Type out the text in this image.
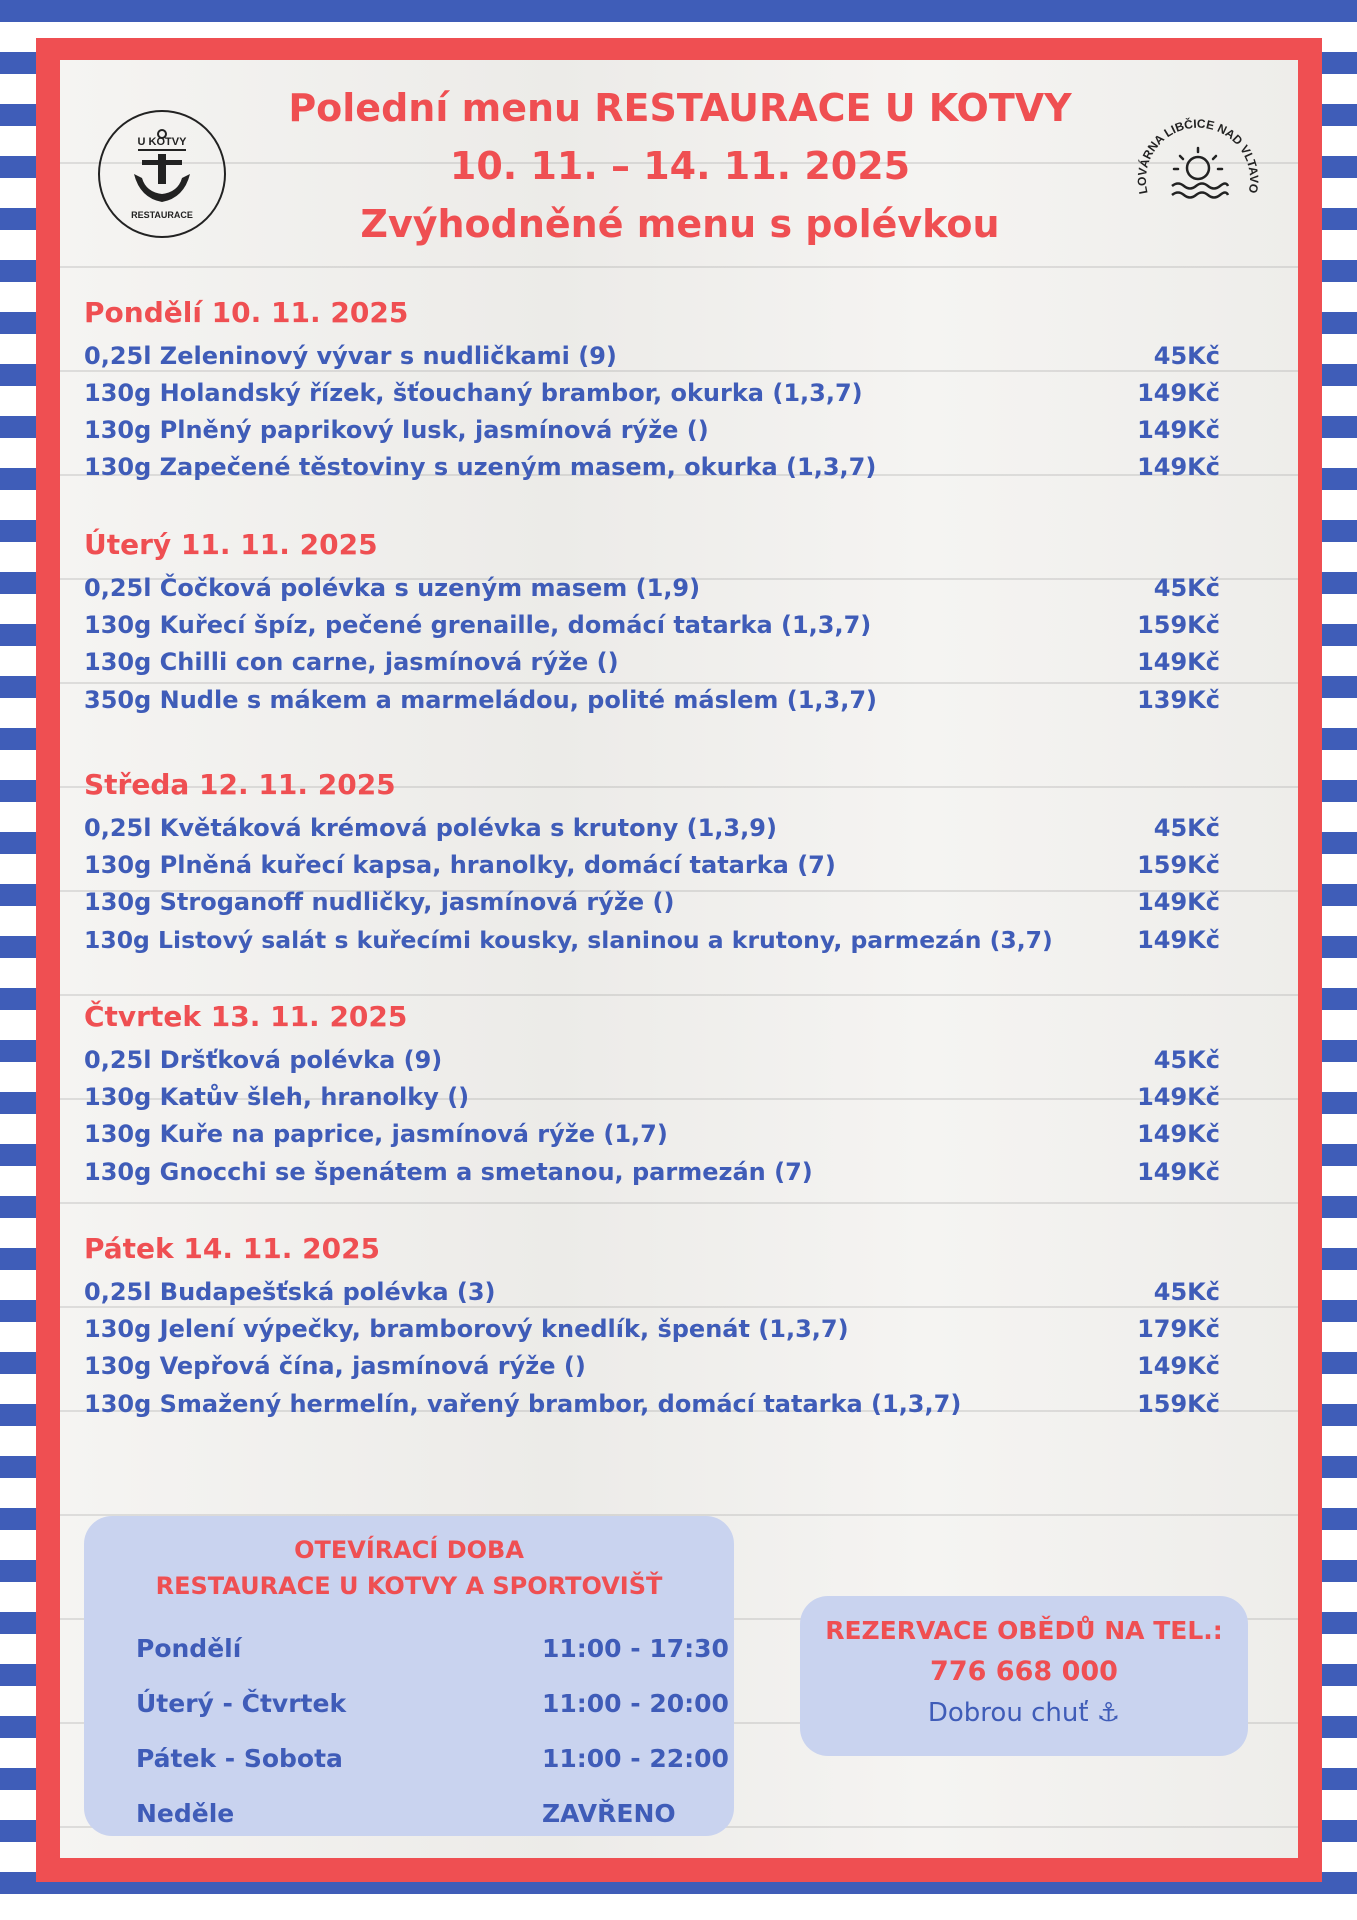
U KOTVY
RESTAURACE
LOVÁRNA LIBČICE NAD VLTAVO
Polední menu RESTAURACE U KOTVY
10. 11. – 14. 11. 2025
Zvýhodněné menu s polévkou
Pondělí 10. 11. 2025
0,25l Zeleninový vývar s nudličkami (9)	45Kč
130g Holandský řízek, šťouchaný brambor, okurka (1,3,7)	149Kč
130g Plněný paprikový lusk, jasmínová rýže ()	149Kč
130g Zapečené těstoviny s uzeným masem, okurka (1,3,7)	149Kč
Úterý 11. 11. 2025
0,25l Čočková polévka s uzeným masem (1,9)	45Kč
130g Kuřecí špíz, pečené grenaille, domácí tatarka (1,3,7)	159Kč
130g Chilli con carne, jasmínová rýže ()	149Kč
350g Nudle s mákem a marmeládou, polité máslem (1,3,7)	139Kč
Středa 12. 11. 2025
0,25l Květáková krémová polévka s krutony (1,3,9)	45Kč
130g Plněná kuřecí kapsa, hranolky, domácí tatarka (7)	159Kč
130g Stroganoff nudličky, jasmínová rýže ()	149Kč
130g Listový salát s kuřecími kousky, slaninou a krutony, parmezán (3,7)	149Kč
Čtvrtek 13. 11. 2025
0,25l Dršťková polévka (9)	45Kč
130g Katův šleh, hranolky ()	149Kč
130g Kuře na paprice, jasmínová rýže (1,7)	149Kč
130g Gnocchi se špenátem a smetanou, parmezán (7)	149Kč
Pátek 14. 11. 2025
0,25l Budapešťská polévka (3)	45Kč
130g Jelení výpečky, bramborový knedlík, špenát (1,3,7)	179Kč
130g Vepřová čína, jasmínová rýže ()	149Kč
130g Smažený hermelín, vařený brambor, domácí tatarka (1,3,7)	159Kč
OTEVÍRACÍ DOBA
RESTAURACE U KOTVY A SPORTOVIŠŤ
Pondělí	11:00 - 17:30
Úterý - Čtvrtek	11:00 - 20:00
Pátek - Sobota	11:00 - 22:00
Neděle	ZAVŘENO
REZERVACE OBĚDŮ NA TEL.:
776 668 000
Dobrou chuť ⚓
